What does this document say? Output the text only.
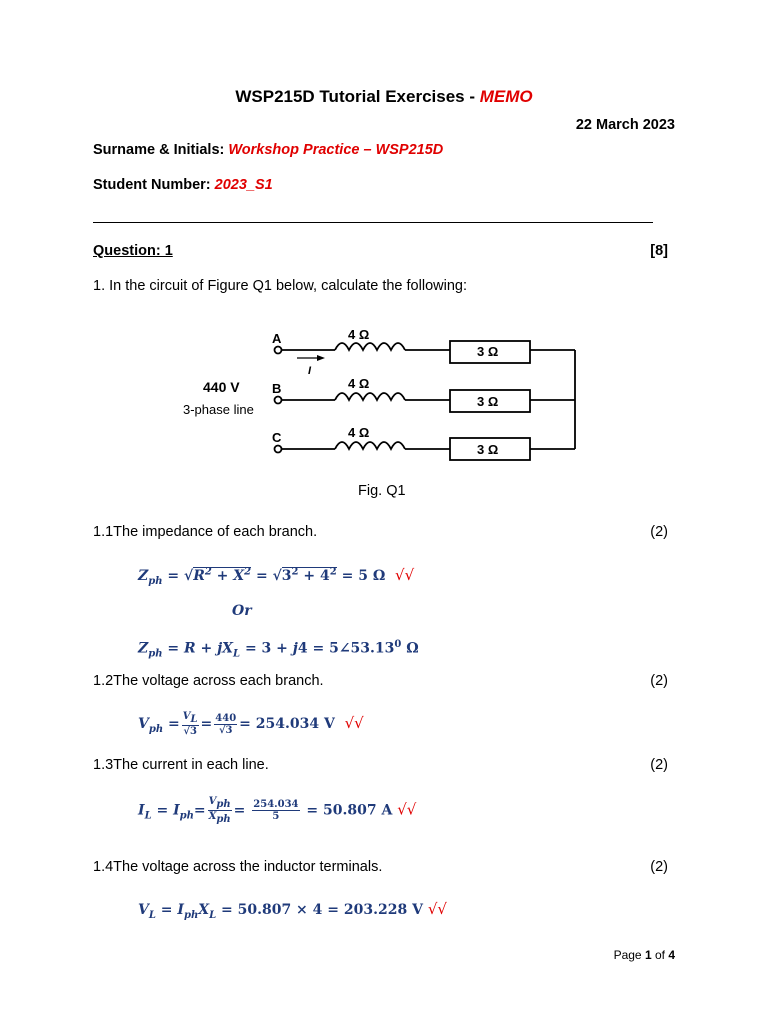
WSP215D Tutorial Exercises - MEMO
22 March 2023
Surname & Initials: Workshop Practice – WSP215D
Student Number: 2023_S1
Question: 1	[8]
1. In the circuit of Figure Q1 below, calculate the following:
A
B
C
I
4 Ω
4 Ω
4 Ω
3 Ω
3 Ω
3 Ω
440 V
3-phase line
Fig. Q1
1.1The impedance of each branch.	(2)
$Z_{ph} = √R^2 + X^2 = √3^2 + 4^2 = 5$ Ω √√
Or
$Z_{ph} = R + jX_L = 3 + j4$ = $5\angle 53.13^0$ Ω
1.2The voltage across each branch.	(2)
$V_{ph} = \frac{V_L}{√3} = \frac{440}{√3} = 254.034$ V √√
1.3The current in each line.	(2)
$I_L = I_{ph}= \frac{V_{ph}}{X_{ph}} = \frac{254.034}{5} = 50.807$ A √√
1.4The voltage across the inductor terminals.	(2)
$V_L = I_{ph}X_L = 50.807 \times 4 = 203.228$ V √√
Page 1 of 4
